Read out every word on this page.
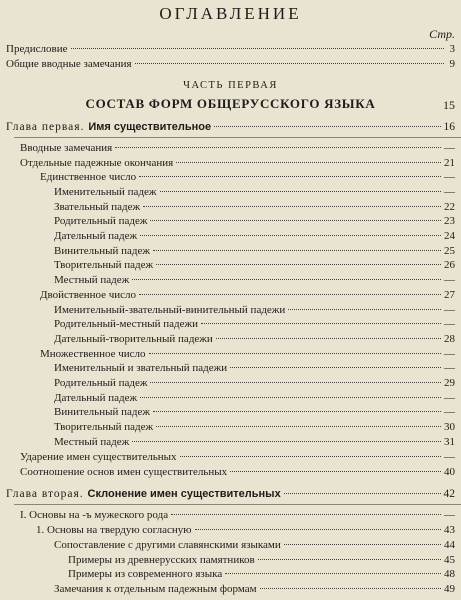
ОГЛАВЛЕНИЕ
Стр.
Предисловие	3
Общие вводные замечания	9
ЧАСТЬ ПЕРВАЯ
СОСТАВ ФОРМ ОБЩЕРУССКОГО ЯЗЫКА	15
Глава первая. Имя существительное	16
Вводные замечания	—
Отдельные падежные окончания	21
Единственное число	—
Именительный падеж	—
Звательный падеж	22
Родительный падеж	23
Дательный падеж	24
Винительный падеж	25
Творительный падеж	26
Местный падеж	—
Двойственное число	27
Именительный-звательный-винительный падежи	—
Родительный-местный падежи	—
Дательный-творительный падежи	28
Множественное число	—
Именительный и звательный падежи	—
Родительный падеж	29
Дательный падеж	—
Винительный падеж	—
Творительный падеж	30
Местный падеж	31
Ударение имен существительных	—
Соотношение основ имен существительных	40
Глава вторая. Склонение имен существительных	42
I. Основы на -ъ мужеского рода	—
1. Основы на твердую согласную	43
Сопоставление с другими славянскими языками	44
Примеры из древнерусских памятников	45
Примеры из современного языка	48
Замечания к отдельным падежным формам	49
